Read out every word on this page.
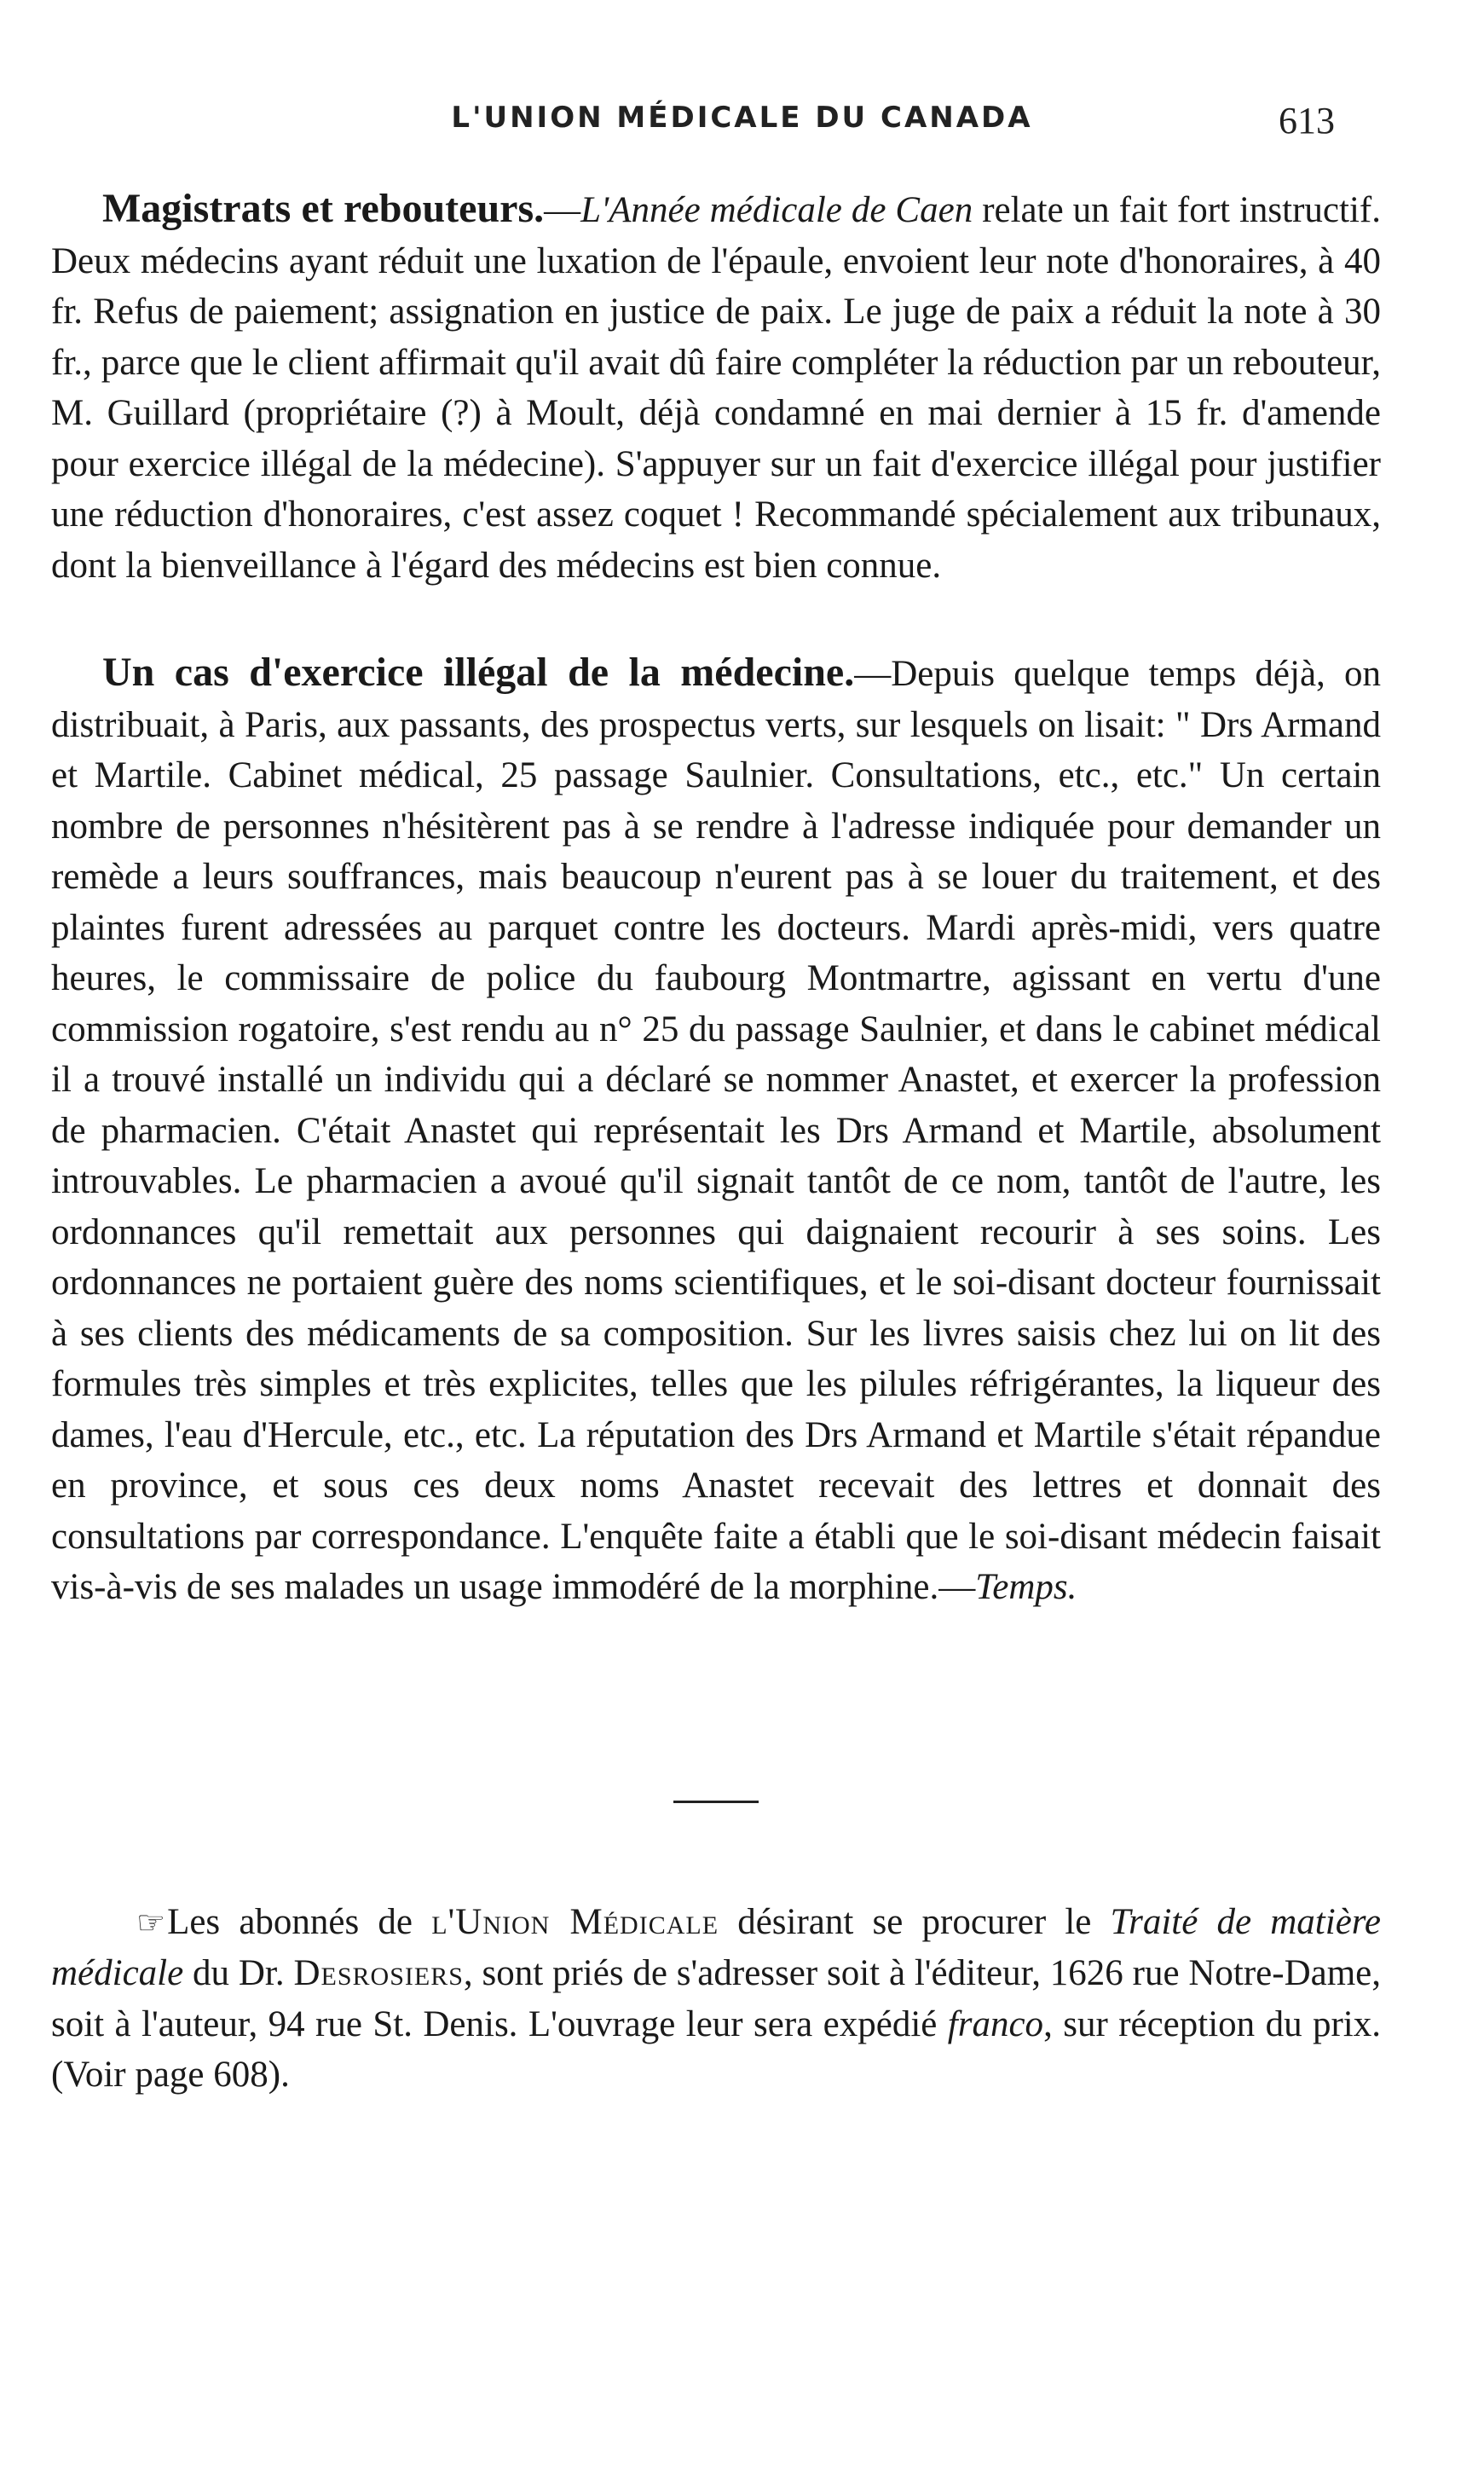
L'UNION MÉDICALE DU CANADA	613

Magistrats et rebouteurs.—L'Année médicale de Caen relate un fait fort instructif. Deux médecins ayant réduit une luxation de l'épaule, envoient leur note d'honoraires, à 40 fr. Refus de paiement; assignation en justice de paix. Le juge de paix a réduit la note à 30 fr., parce que le client affirmait qu'il avait dû faire compléter la réduction par un rebouteur, M. Guillard (propriétaire (?) à Moult, déjà condamné en mai dernier à 15 fr. d'amende pour exercice illégal de la médecine). S'appuyer sur un fait d'exercice illégal pour justifier une réduction d'honoraires, c'est assez coquet ! Recommandé spécialement aux tribunaux, dont la bienveillance à l'égard des médecins est bien connue.

Un cas d'exercice illégal de la médecine.—Depuis quelque temps déjà, on distribuait, à Paris, aux passants, des prospectus verts, sur lesquels on lisait: " Drs Armand et Martile. Cabinet médical, 25 passage Saulnier. Consultations, etc., etc." Un certain nombre de personnes n'hésitèrent pas à se rendre à l'adresse indiquée pour demander un remède a leurs souffrances, mais beaucoup n'eurent pas à se louer du traitement, et des plaintes furent adressées au parquet contre les docteurs. Mardi après-midi, vers quatre heures, le commissaire de police du faubourg Montmartre, agissant en vertu d'une commission rogatoire, s'est rendu au n° 25 du passage Saulnier, et dans le cabinet médical il a trouvé installé un individu qui a déclaré se nommer Anastet, et exercer la profession de pharmacien. C'était Anastet qui représentait les Drs Armand et Martile, absolument introuvables. Le pharmacien a avoué qu'il signait tantôt de ce nom, tantôt de l'autre, les ordonnances qu'il remettait aux personnes qui daignaient recourir à ses soins. Les ordonnances ne portaient guère des noms scientifiques, et le soi-disant docteur fournissait à ses clients des médicaments de sa composition. Sur les livres saisis chez lui on lit des formules très simples et très explicites, telles que les pilules réfrigérantes, la liqueur des dames, l'eau d'Hercule, etc., etc. La réputation des Drs Armand et Martile s'était répandue en province, et sous ces deux noms Anastet recevait des lettres et donnait des consultations par correspondance. L'enquête faite a établi que le soi-disant médecin faisait vis-à-vis de ses malades un usage immodéré de la morphine.—Temps.

☞Les abonnés de l'Union Médicale désirant se procurer le Traité de matière médicale du Dr. Desrosiers, sont priés de s'adresser soit à l'éditeur, 1626 rue Notre-Dame, soit à l'auteur, 94 rue St. Denis. L'ouvrage leur sera expédié franco, sur réception du prix. (Voir page 608).
